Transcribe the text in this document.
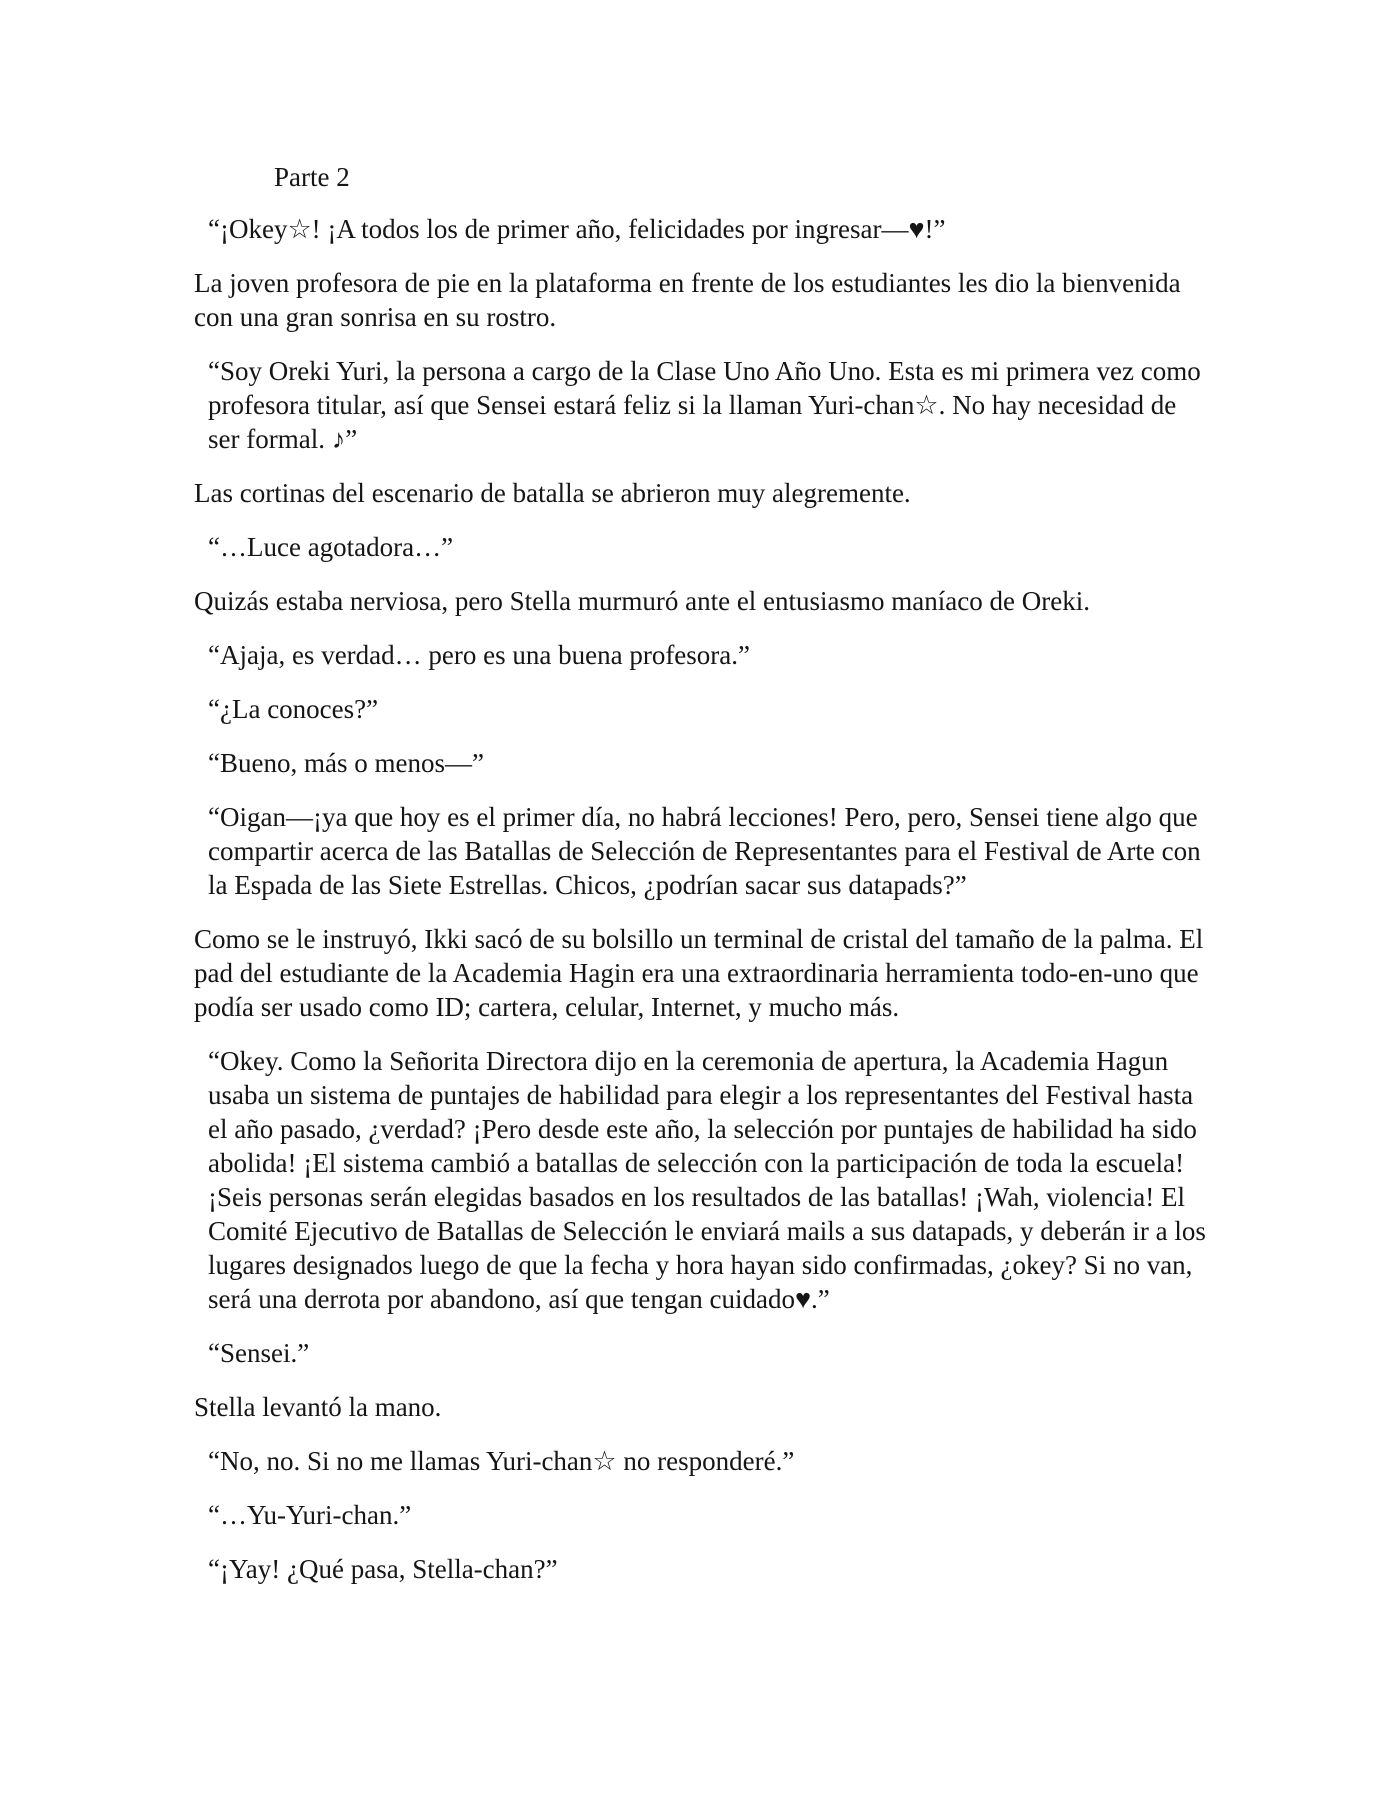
Parte 2

“¡Okey☆! ¡A todos los de primer año, felicidades por ingresar—♥!”

La joven profesora de pie en la plataforma en frente de los estudiantes les dio la bienvenida con una gran sonrisa en su rostro.

“Soy Oreki Yuri, la persona a cargo de la Clase Uno Año Uno. Esta es mi primera vez como profesora titular, así que Sensei estará feliz si la llaman Yuri-chan☆. No hay necesidad de ser formal. ♪”

Las cortinas del escenario de batalla se abrieron muy alegremente.

“…Luce agotadora…”

Quizás estaba nerviosa, pero Stella murmuró ante el entusiasmo maníaco de Oreki.

“Ajaja, es verdad… pero es una buena profesora.”

“¿La conoces?”

“Bueno, más o menos—”

“Oigan—¡ya que hoy es el primer día, no habrá lecciones! Pero, pero, Sensei tiene algo que compartir acerca de las Batallas de Selección de Representantes para el Festival de Arte con la Espada de las Siete Estrellas. Chicos, ¿podrían sacar sus datapads?”

Como se le instruyó, Ikki sacó de su bolsillo un terminal de cristal del tamaño de la palma. El pad del estudiante de la Academia Hagin era una extraordinaria herramienta todo-en-uno que podía ser usado como ID; cartera, celular, Internet, y mucho más.

“Okey. Como la Señorita Directora dijo en la ceremonia de apertura, la Academia Hagun usaba un sistema de puntajes de habilidad para elegir a los representantes del Festival hasta el año pasado, ¿verdad? ¡Pero desde este año, la selección por puntajes de habilidad ha sido abolida! ¡El sistema cambió a batallas de selección con la participación de toda la escuela! ¡Seis personas serán elegidas basados en los resultados de las batallas! ¡Wah, violencia! El Comité Ejecutivo de Batallas de Selección le enviará mails a sus datapads, y deberán ir a los lugares designados luego de que la fecha y hora hayan sido confirmadas, ¿okey? Si no van, será una derrota por abandono, así que tengan cuidado♥.”

“Sensei.”

Stella levantó la mano.

“No, no. Si no me llamas Yuri-chan☆ no responderé.”

“…Yu-Yuri-chan.”

“¡Yay! ¿Qué pasa, Stella-chan?”
